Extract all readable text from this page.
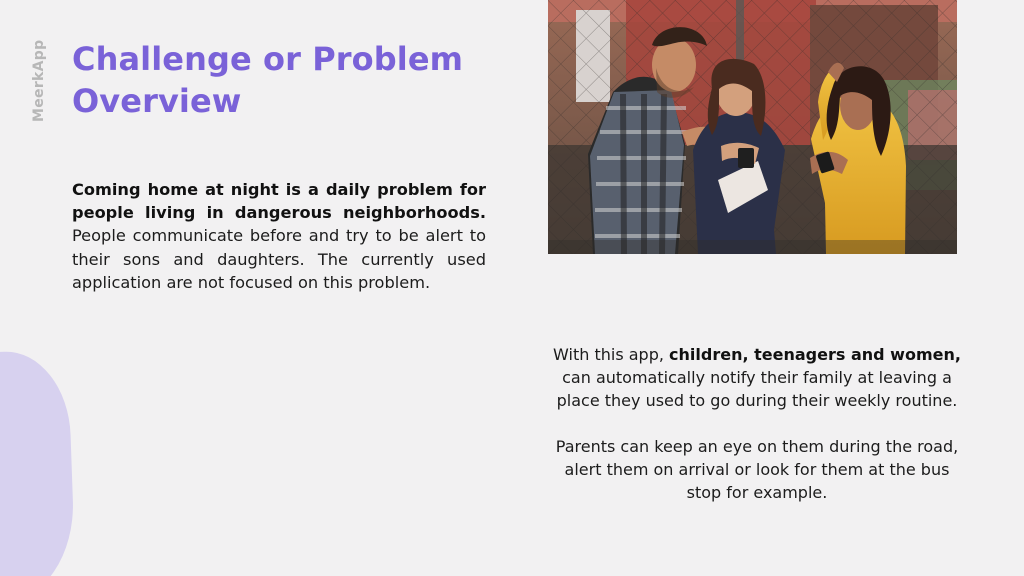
MeerkApp Challenge or Problem Overview

Coming home at night is a daily problem for people living in dangerous neighborhoods. People communicate before and try to be alert to their sons and daughters. The currently used application are not focused on this problem.

With this app, children, teenagers and women, can automatically notify their family at leaving a place they used to go during their weekly routine.

Parents can keep an eye on them during the road, alert them on arrival or look for them at the bus stop for example.
